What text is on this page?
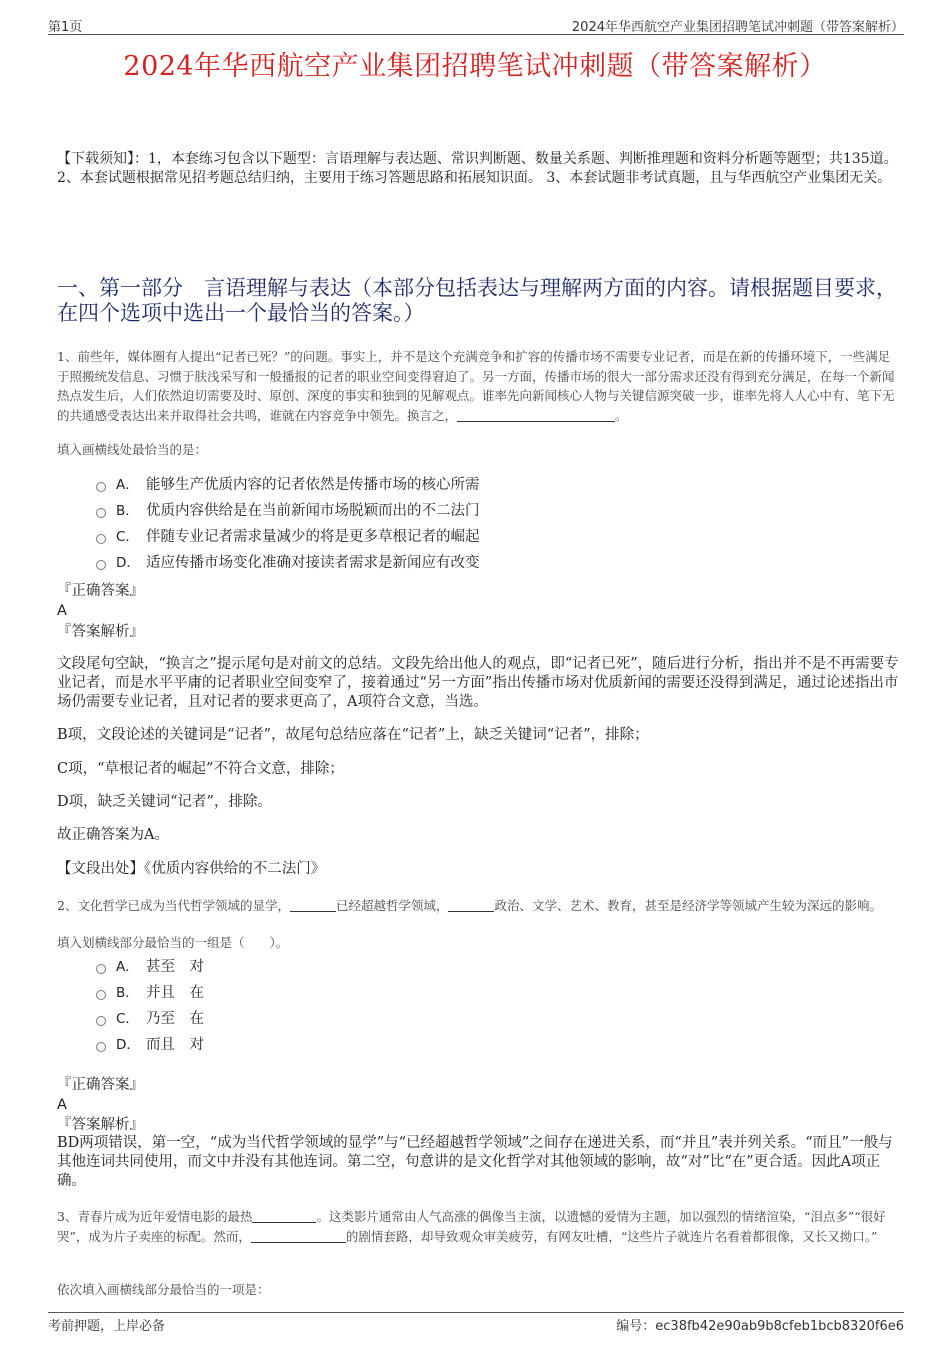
第1页	2024年华西航空产业集团招聘笔试冲刺题（带答案解析）
2024年华西航空产业集团招聘笔试冲刺题（带答案解析）
【下载须知】：1，本套练习包含以下题型：言语理解与表达题、常识判断题、数量关系题、判断推理题和资料分析题等题型；共135道。 2、本套试题根据常见招考题总结归纳，主要用于练习答题思路和拓展知识面。 3、本套试题非考试真题，且与华西航空产业集团无关。
一、第一部分　言语理解与表达（本部分包括表达与理解两方面的内容。请根据题目要求，在四个选项中选出一个最恰当的答案。）
1、前些年，媒体圈有人提出“记者已死？”的问题。事实上，并不是这个充满竞争和扩容的传播市场不需要专业记者，而是在新的传播环境下，一些满足于照搬统发信息、习惯于肤浅采写和一般播报的记者的职业空间变得窘迫了。另一方面，传播市场的很大一部分需求还没有得到充分满足，在每一个新闻热点发生后，人们依然迫切需要及时、原创、深度的事实和独到的见解观点。谁率先向新闻核心人物与关键信源突破一步，谁率先将人人心中有、笔下无的共通感受表达出来并取得社会共鸣，谁就在内容竞争中领先。换言之，	。
填入画横线处最恰当的是：
A． 能够生产优质内容的记者依然是传播市场的核心所需
B． 优质内容供给是在当前新闻市场脱颖而出的不二法门
C． 伴随专业记者需求量减少的将是更多草根记者的崛起
D． 适应传播市场变化准确对接读者需求是新闻应有改变
『正确答案』
A
『答案解析』
文段尾句空缺，“换言之”提示尾句是对前文的总结。文段先给出他人的观点，即“记者已死”，随后进行分析，指出并不是不再需要专业记者，而是水平平庸的记者职业空间变窄了，接着通过“另一方面”指出传播市场对优质新闻的需要还没得到满足，通过论述指出市场仍需要专业记者，且对记者的要求更高了，A项符合文意，当选。
B项，文段论述的关键词是“记者”，故尾句总结应落在“记者”上，缺乏关键词“记者”，排除；
C项，“草根记者的崛起”不符合文意，排除；
D项，缺乏关键词“记者”，排除。
故正确答案为A。
【文段出处】《优质内容供给的不二法门》
2、文化哲学已成为当代哲学领域的显学，	已经超越哲学领域，	政治、文学、艺术、教育，甚至是经济学等领域产生较为深远的影响。
填入划横线部分最恰当的一组是（　　）。
A． 甚至　对
B． 并且　在
C． 乃至　在
D． 而且　对
『正确答案』
A
『答案解析』
BD两项错误，第一空，“成为当代哲学领域的显学”与“已经超越哲学领域”之间存在递进关系，而“并且”表并列关系。“而且”一般与其他连词共同使用，而文中并没有其他连词。第二空，句意讲的是文化哲学对其他领域的影响，故“对”比“在”更合适。因此A项正确。
3、青春片成为近年爱情电影的最热	。这类影片通常由人气高涨的偶像当主演，以遗憾的爱情为主题，加以强烈的情绪渲染，“泪点多”“很好哭”，成为片子卖座的标配。然而，	的剧情套路，却导致观众审美疲劳，有网友吐槽，“这些片子就连片名看着都很像，又长又拗口。”
依次填入画横线部分最恰当的一项是：
考前押题，上岸必备	编号：ec38fb42e90ab9b8cfeb1bcb8320f6e6
